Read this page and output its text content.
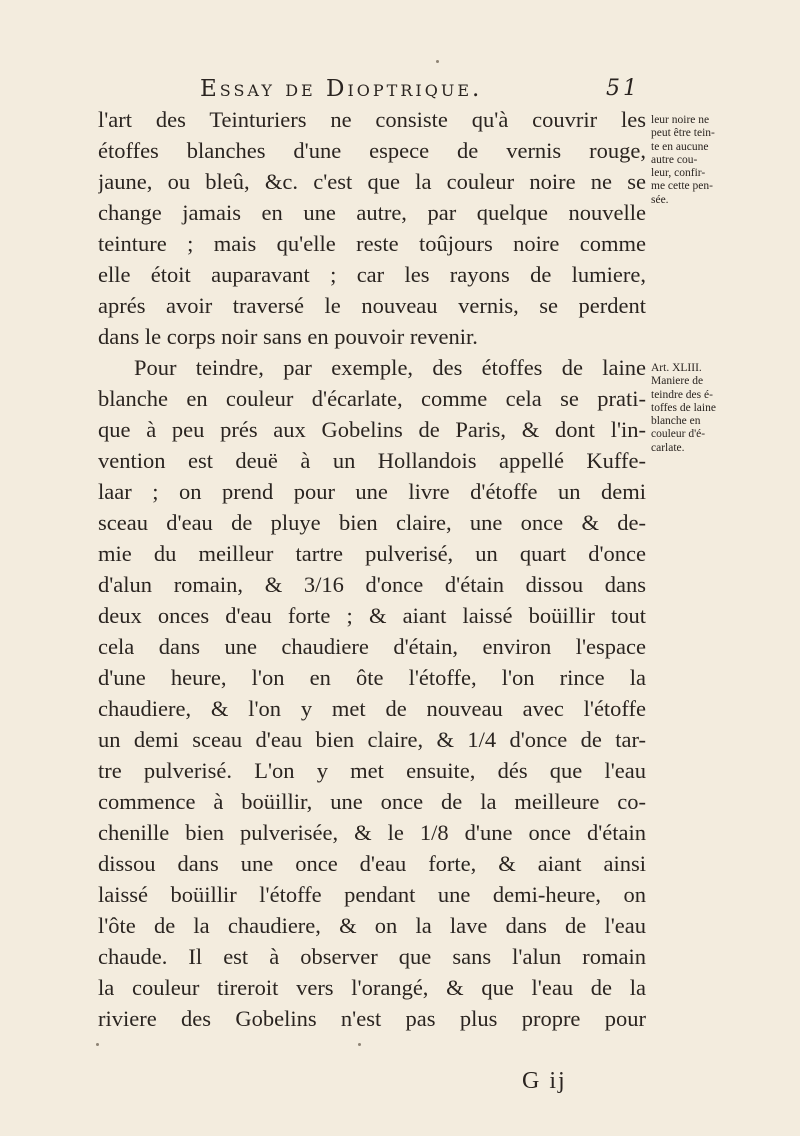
Essay de Dioptrique.	51
l'art des Teinturiers ne consiste qu'à couvrir les
étoffes blanches d'une espece de vernis rouge,
jaune, ou bleû, &c. c'est que la couleur noire ne se
change jamais en une autre, par quelque nouvelle
teinture ; mais qu'elle reste toûjours noire comme
elle étoit auparavant ; car les rayons de lumiere,
aprés avoir traversé le nouveau vernis, se perdent
dans le corps noir sans en pouvoir revenir.
Pour teindre, par exemple, des étoffes de laine
blanche en couleur d'écarlate, comme cela se prati-
que à peu prés aux Gobelins de Paris, & dont l'in-
vention est deuë à un Hollandois appellé Kuffe-
laar ; on prend pour une livre d'étoffe un demi
sceau d'eau de pluye bien claire, une once & de-
mie du meilleur tartre pulverisé, un quart d'once
d'alun romain, & 3/16 d'once d'étain dissou dans
deux onces d'eau forte ; & aiant laissé boüillir tout
cela dans une chaudiere d'étain, environ l'espace
d'une heure, l'on en ôte l'étoffe, l'on rince la
chaudiere, & l'on y met de nouveau avec l'étoffe
un demi sceau d'eau bien claire, & 1/4 d'once de tar-
tre pulverisé. L'on y met ensuite, dés que l'eau
commence à boüillir, une once de la meilleure co-
chenille bien pulverisée, & le 1/8 d'une once d'étain
dissou dans une once d'eau forte, & aiant ainsi
laissé boüillir l'étoffe pendant une demi-heure, on
l'ôte de la chaudiere, & on la lave dans de l'eau
chaude. Il est à observer que sans l'alun romain
la couleur tireroit vers l'orangé, & que l'eau de la
riviere des Gobelins n'est pas plus propre pour
leur noire ne
peut être tein-
te en aucune
autre cou-
leur, confir-
me cette pen-
sée.
Art. XLIII.
Maniere de
teindre des é-
toffes de laine
blanche en
couleur d'é-
carlate.
G ij
